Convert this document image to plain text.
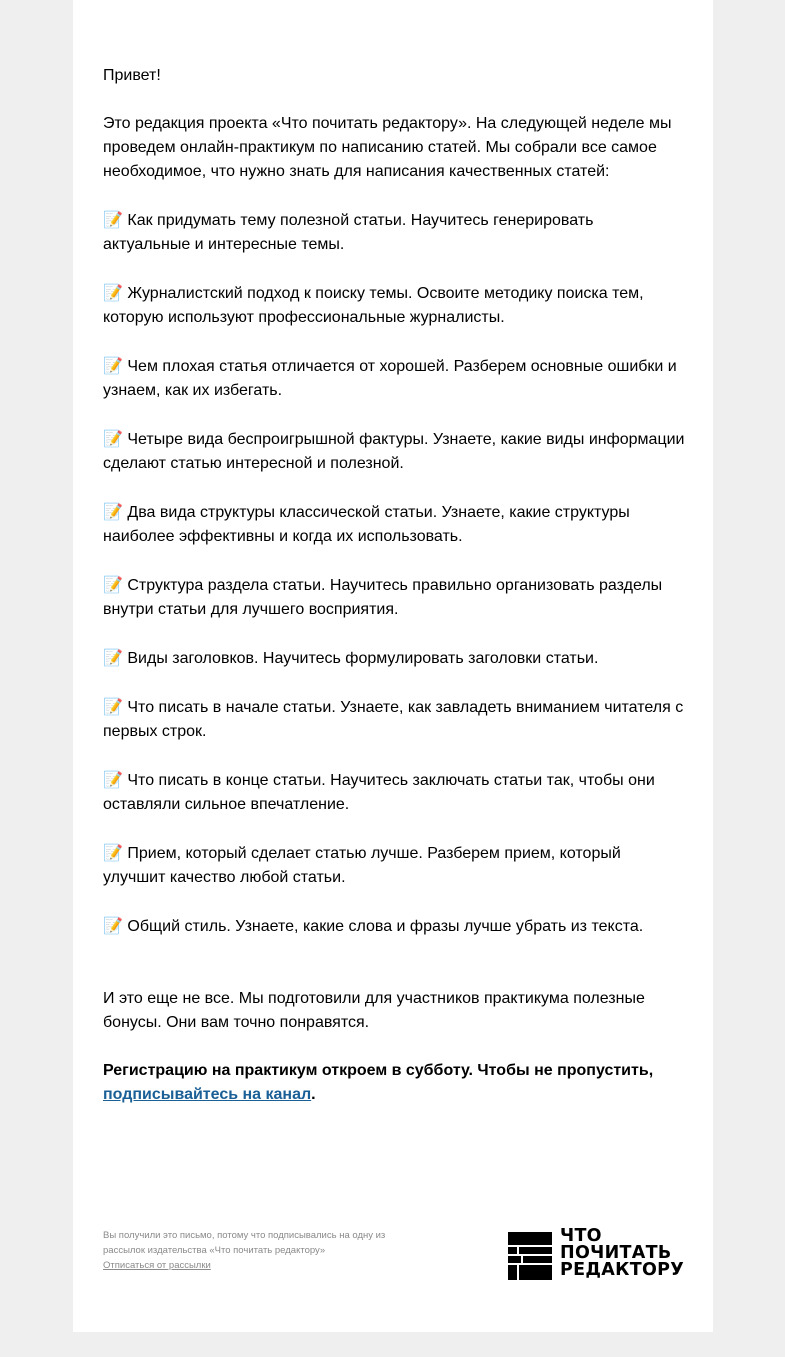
Привет!

Это редакция проекта «Что почитать редактору». На следующей неделе мы проведем онлайн-практикум по написанию статей. Мы собрали все самое необходимое, что нужно знать для написания качественных статей:

📝 Как придумать тему полезной статьи. Научитесь генерировать актуальные и интересные темы.

📝 Журналистский подход к поиску темы. Освоите методику поиска тем, которую используют профессиональные журналисты.

📝 Чем плохая статья отличается от хорошей. Разберем основные ошибки и узнаем, как их избегать.

📝 Четыре вида беспроигрышной фактуры. Узнаете, какие виды информации сделают статью интересной и полезной.

📝 Два вида структуры классической статьи. Узнаете, какие структуры наиболее эффективны и когда их использовать.

📝 Структура раздела статьи. Научитесь правильно организовать разделы внутри статьи для лучшего восприятия.

📝 Виды заголовков. Научитесь формулировать заголовки статьи.

📝 Что писать в начале статьи. Узнаете, как завладеть вниманием читателя с первых строк.

📝 Что писать в конце статьи. Научитесь заключать статьи так, чтобы они оставляли сильное впечатление.

📝 Прием, который сделает статью лучше. Разберем прием, который улучшит качество любой статьи.

📝 Общий стиль. Узнаете, какие слова и фразы лучше убрать из текста.

И это еще не все. Мы подготовили для участников практикума полезные бонусы. Они вам точно понравятся.

Регистрацию на практикум откроем в субботу. Чтобы не пропустить, подписывайтесь на канал.

Вы получили это письмо, потому что подписывались на одну из рассылок издательства «Что почитать редактору»
Отписаться от рассылки
ЧТО
ПОЧИТАТЬ
РЕДАКТОРУ
